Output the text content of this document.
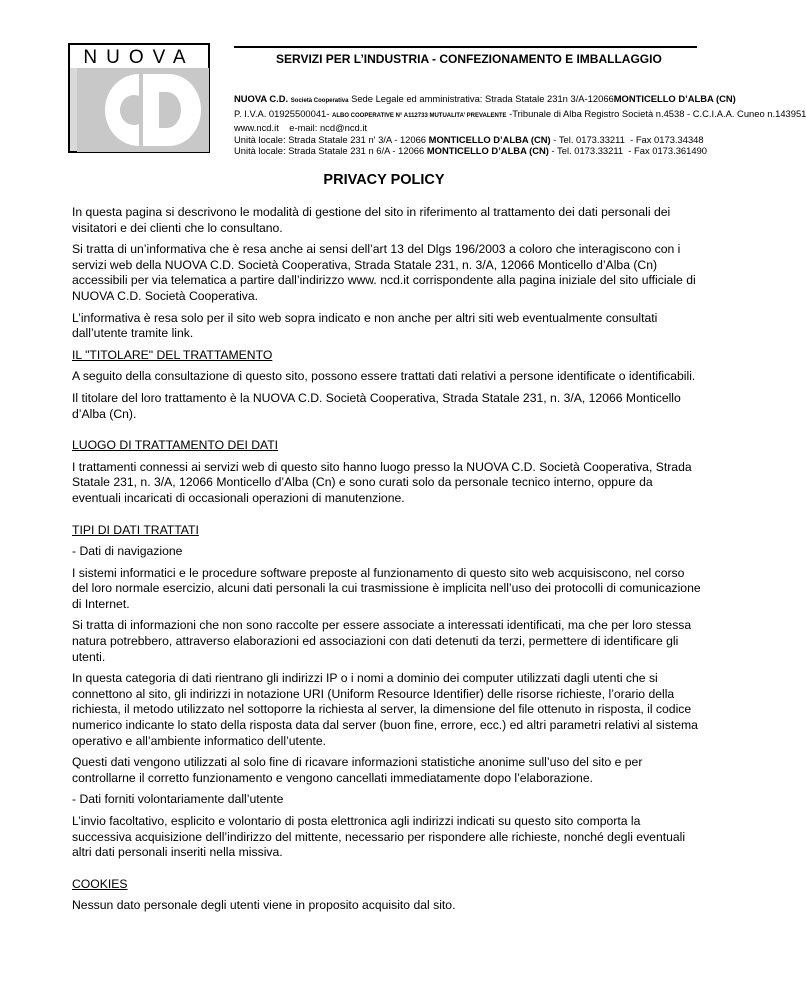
NUOVA	SERVIZI PER L’INDUSTRIA - CONFEZIONAMENTO E IMBALLAGGIO
NUOVA C.D. Società Cooperativa Sede Legale ed amministrativa: Strada Statale 231n 3/A-12066MONTICELLO D’ALBA (CN)
P. I.V.A. 01925500041- ALBO COOPERATIVE N° A112733 MUTUALITA’ PREVALENTE -Tribunale di Alba Registro Società n.4538 - C.C.I.A.A. Cuneo n.143951
www.ncd.it e-mail: ncd@ncd.it
Unità locale: Strada Statale 231 n' 3/A - 12066 MONTICELLO D’ALBA (CN) - Tel. 0173.33211 - Fax 0173.34348
Unità locale: Strada Statale 231 n 6/A - 12066 MONTICELLO D’ALBA (CN) - Tel. 0173.33211 - Fax 0173.361490
PRIVACY POLICY

In questa pagina si descrivono le modalità di gestione del sito in riferimento al trattamento dei dati personali dei visitatori e dei clienti che lo consultano.

Si tratta di un’informativa che è resa anche ai sensi dell’art 13 del Dlgs 196/2003 a coloro che interagiscono con i servizi web della NUOVA C.D. Società Cooperativa, Strada Statale 231, n. 3/A, 12066 Monticello d’Alba (Cn) accessibili per via telematica a partire dall’indirizzo www. ncd.it corrispondente alla pagina iniziale del sito ufficiale di NUOVA C.D. Società Cooperativa.

L’informativa è resa solo per il sito web sopra indicato e non anche per altri siti web eventualmente consultati dall’utente tramite link.

IL "TITOLARE" DEL TRATTAMENTO

A seguito della consultazione di questo sito, possono essere trattati dati relativi a persone identificate o identificabili.

Il titolare del loro trattamento è la NUOVA C.D. Società Cooperativa, Strada Statale 231, n. 3/A, 12066 Monticello d’Alba (Cn).

LUOGO DI TRATTAMENTO DEI DATI

I trattamenti connessi ai servizi web di questo sito hanno luogo presso la NUOVA C.D. Società Cooperativa, Strada Statale 231, n. 3/A, 12066 Monticello d’Alba (Cn) e sono curati solo da personale tecnico interno, oppure da eventuali incaricati di occasionali operazioni di manutenzione.

TIPI DI DATI TRATTATI

- Dati di navigazione

I sistemi informatici e le procedure software preposte al funzionamento di questo sito web acquisiscono, nel corso del loro normale esercizio, alcuni dati personali la cui trasmissione è implicita nell’uso dei protocolli di comunicazione di Internet.

Si tratta di informazioni che non sono raccolte per essere associate a interessati identificati, ma che per loro stessa natura potrebbero, attraverso elaborazioni ed associazioni con dati detenuti da terzi, permettere di identificare gli utenti.

In questa categoria di dati rientrano gli indirizzi IP o i nomi a dominio dei computer utilizzati dagli utenti che si connettono al sito, gli indirizzi in notazione URI (Uniform Resource Identifier) delle risorse richieste, l’orario della richiesta, il metodo utilizzato nel sottoporre la richiesta al server, la dimensione del file ottenuto in risposta, il codice numerico indicante lo stato della risposta data dal server (buon fine, errore, ecc.) ed altri parametri relativi al sistema operativo e all’ambiente informatico dell’utente.

Questi dati vengono utilizzati al solo fine di ricavare informazioni statistiche anonime sull’uso del sito e per controllarne il corretto funzionamento e vengono cancellati immediatamente dopo l’elaborazione.

- Dati forniti volontariamente dall’utente

L’invio facoltativo, esplicito e volontario di posta elettronica agli indirizzi indicati su questo sito comporta la successiva acquisizione dell’indirizzo del mittente, necessario per rispondere alle richieste, nonché degli eventuali altri dati personali inseriti nella missiva.

COOKIES

Nessun dato personale degli utenti viene in proposito acquisito dal sito.
